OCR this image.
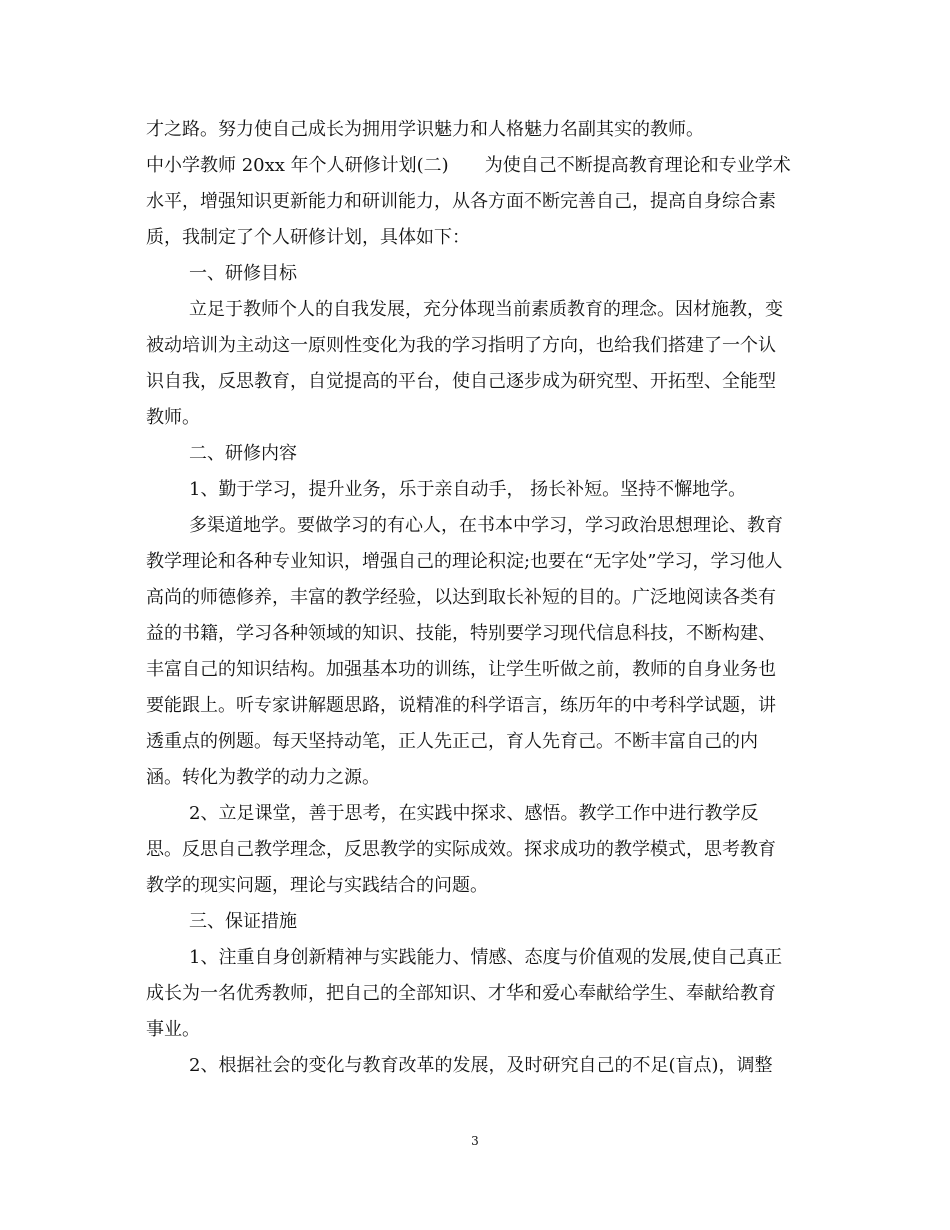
才之路。努力使自己成长为拥用学识魅力和人格魅力名副其实的教师。
中小学教师 20xx 年个人研修计划(二)　　为使自己不断提高教育理论和专业学术
水平，增强知识更新能力和研训能力，从各方面不断完善自己，提高自身综合素
质，我制定了个人研修计划，具体如下：
一、研修目标
立足于教师个人的自我发展，充分体现当前素质教育的理念。因材施教，变
被动培训为主动这一原则性变化为我的学习指明了方向，也给我们搭建了一个认
识自我，反思教育，自觉提高的平台，使自己逐步成为研究型、开拓型、全能型
教师。
二、研修内容
1、勤于学习，提升业务，乐于亲自动手， 扬长补短。坚持不懈地学。
多渠道地学。要做学习的有心人，在书本中学习，学习政治思想理论、教育
教学理论和各种专业知识，增强自己的理论积淀;也要在“无字处”学习，学习他人
高尚的师德修养，丰富的教学经验，以达到取长补短的目的。广泛地阅读各类有
益的书籍，学习各种领域的知识、技能，特别要学习现代信息科技，不断构建、
丰富自己的知识结构。加强基本功的训练，让学生听做之前，教师的自身业务也
要能跟上。听专家讲解题思路，说精准的科学语言，练历年的中考科学试题，讲
透重点的例题。每天坚持动笔，正人先正己，育人先育己。不断丰富自己的内
涵。转化为教学的动力之源。
2、立足课堂，善于思考，在实践中探求、感悟。教学工作中进行教学反
思。反思自己教学理念，反思教学的实际成效。探求成功的教学模式，思考教育
教学的现实问题，理论与实践结合的问题。
三、保证措施
1、注重自身创新精神与实践能力、情感、态度与价值观的发展,使自己真正
成长为一名优秀教师，把自己的全部知识、才华和爱心奉献给学生、奉献给教育
事业。
2、根据社会的变化与教育改革的发展，及时研究自己的不足(盲点)，调整
3
